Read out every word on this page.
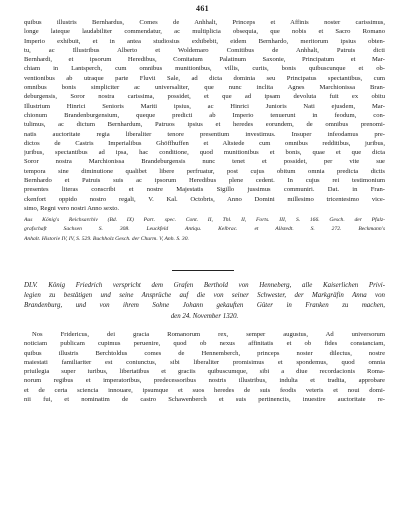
461
quibus illustris Bernhardus, Comes de Anhhalt, Princeps et Affinis noster carissimus,
longe lateque laudabiliter commendatur, ac multiplicia obsequia, que nobis et Sacro Romano
Imperio exhibuit, et in antea studiosius exhibebit, eidem Bernhardo, meritorum ipsius obten-
tu, ac Illustribus Alberto et Woldemaro Comitibus de Anhhalt, Patruis dicti
Bernhardi, et ipsorum Heredibus, Comitatum Palatinum Saxonie, Principatum et Mar-
chiam in Lantsperch, cum omnibus munitionibus, villis, curiis, bonis quibuscunque et ob-
ventionibus ab utraque parte Fluvii Sale, ad dicta dominia seu Principatus spectantibus, cum
omnibus bonis simpliciter ac universaliter, que nunc inclita Agnes Marchionissa Bran-
deburgensis, Soror nostra carissima, possidet, et que ad ipsam devoluta fuit ex obitu
Illustrium Hinrici Senioris Mariti ipsius, ac Hinrici Junioris Nati ejusdem, Mar-
chionum Brandenburgensium, queque predicti ab Imperio tenuerunt in feodum, con-
tulimus, ac dictum Bernhardum, Patruos ipsius et heredes eorundem, de omnibus prenomi-
natis auctoritate regia liberaliter tenore presentium investimus. Insuper infeodamus pre-
dictos de Castris Imperialibus Ghöffhuffen et Altstede cum omnibus redditibus, juribus,
juribus, spectantibus ad ipsa, hac conditione, quod munitionibus et bonis, quae et que dicta
Soror nostra Marchionissa Brandeburgensis nunc tenet et possidet, per vite sue
tempora sine diminutione qualibet libere perfruatur, post cujus obitum omnia predicta dictis
Bernhardo et Patruis suis ac ipsorum Heredibus plene cedent. In cujus rei testimonium
presentes literas conscribi et nostre Majestatis Sigillo jussimus communiri. Dat. in Fran-
ckenfort oppido nostro regali, V. Kal. Octobris, Anno Domini millesimo tricentesimo vice-
simo, Regni vero nostri Anno sexto.
Aus König's Reichsarchiv (Bd. IX) Part. spec. Cont. II, Thl. II, Forts. III, S. 166. Gesch. der Pfalz-
grafschaft Sachsen S. 308. Leuckfeld Antiqu. Kelbrac. et Allstedt. S. 272. Beckmann's
Anhalt. Historie IV, IV, S. 529. Buchholz Gesch. der Churm. V, Anh. S. 30.
DLV. König Friedrich verspricht dem Grafen Berthold von Henneberg, alle Kaiserlichen Privi-
legien zu bestätigen und seine Ansprüche auf die von seiner Schwester, der Markgräfin Anna von
Brandenburg, und von ihrem Sohne Johann gekauften Güter in Franken zu machen,
den 24. November 1320.
Nos Fridericus, dei gracia Romanorum rex, semper augustus, Ad universorum
noticiam publicam cupimus peruenire, quod ob nexus affinitatis et ob fides constanciam,
quibus illustris Berchtoldus comes de Hennemberch, princeps noster dilectus, nostre
maiestati familiariter est coniunctus, sibi liberaliter promisimus et spondemus, quod omnia
priuilegia super iuribus, libertatibus et graciis quibuscumque, sibi a diue recordacionis Roma-
norum regibus et imperatoribus, predecessoribus nostris illustribus, indulta et tradita, approbare
et de certa sciencia innouare, ipsumque et suos heredes de suis feodis veteris et noui domi-
nii fui, et nominatim de castro Schawenberch et suis pertinenciis, inuestire auctoritate re-
